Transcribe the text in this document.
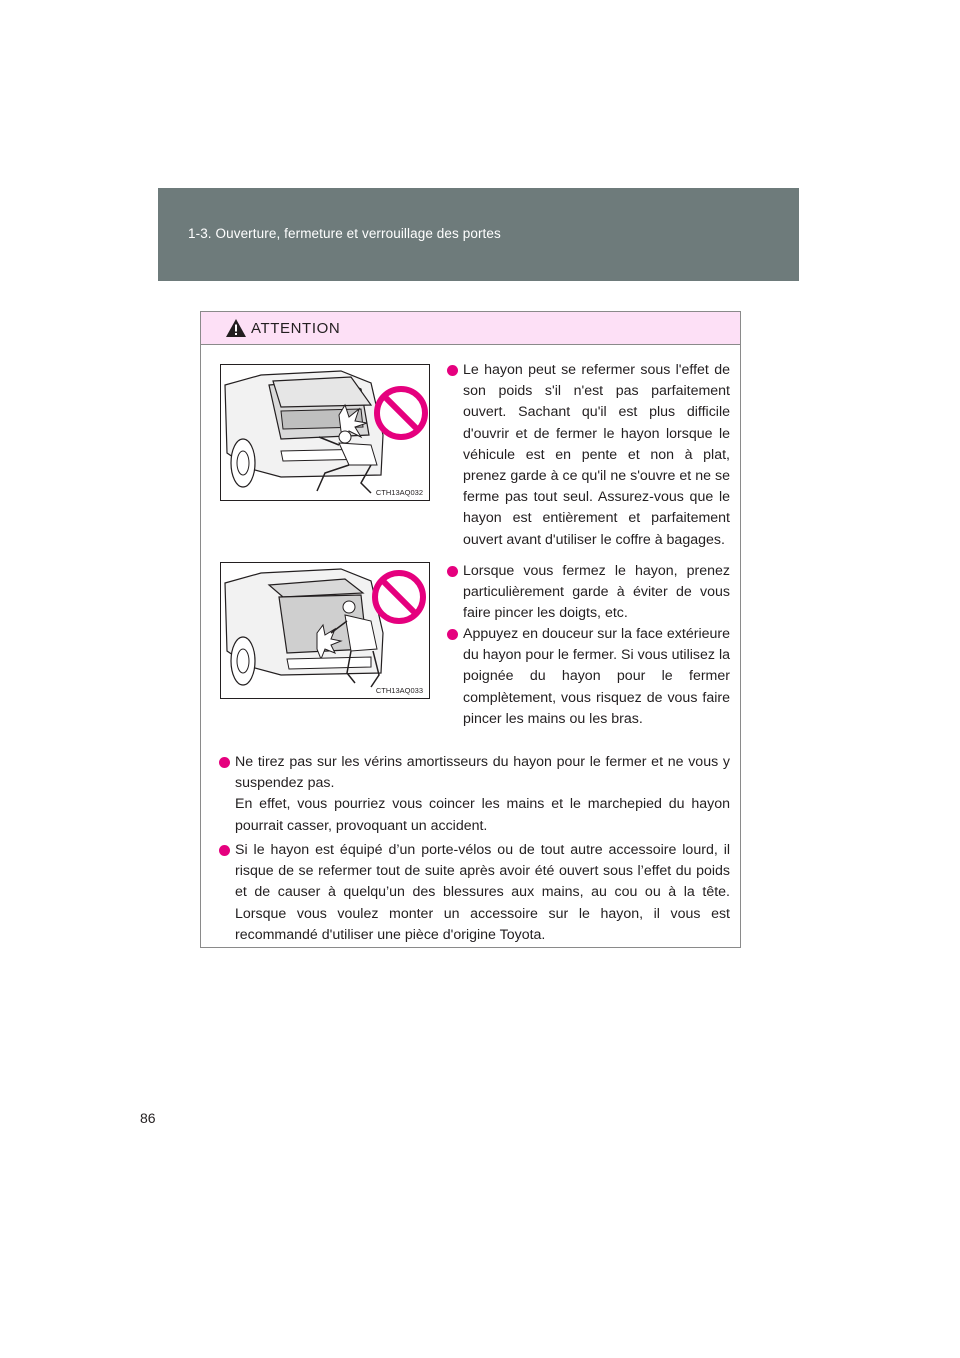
1-3. Ouverture, fermeture et verrouillage des portes
ATTENTION
CTH13AQ032
CTH13AQ033
Le hayon peut se refermer sous l'effet de son poids s'il n'est pas parfaitement ouvert. Sachant qu'il est plus difficile d'ouvrir et de fermer le hayon lorsque le véhicule est en pente et non à plat, prenez garde à ce qu'il ne s'ouvre et ne se ferme pas tout seul. Assurez-vous que le hayon est entièrement et parfaitement ouvert avant d'utiliser le coffre à bagages.
Lorsque vous fermez le hayon, prenez particulièrement garde à éviter de vous faire pincer les doigts, etc.
Appuyez en douceur sur la face extérieure du hayon pour le fermer. Si vous utilisez la poignée du hayon pour le fermer complètement, vous risquez de vous faire pincer les mains ou les bras.
Ne tirez pas sur les vérins amortisseurs du hayon pour le fermer et ne vous y suspendez pas.
En effet, vous pourriez vous coincer les mains et le marchepied du hayon pourrait casser, provoquant un accident.
Si le hayon est équipé d’un porte-vélos ou de tout autre accessoire lourd, il risque de se refermer tout de suite après avoir été ouvert sous l’effet du poids et de causer à quelqu’un des blessures aux mains, au cou ou à la tête. Lorsque vous voulez monter un accessoire sur le hayon, il vous est recommandé d'utiliser une pièce d'origine Toyota.
86
